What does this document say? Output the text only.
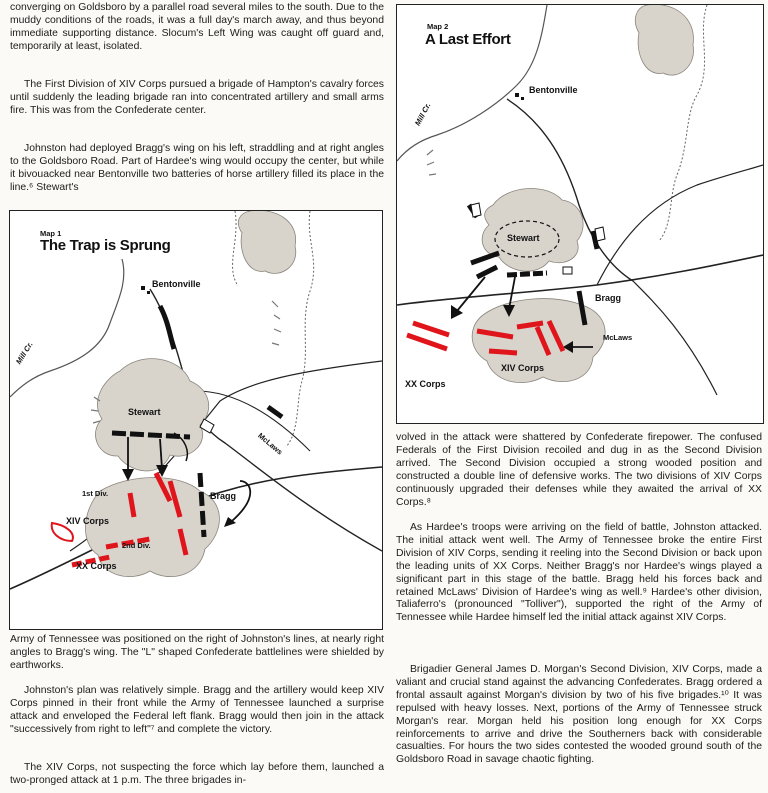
converging on Goldsboro by a parallel road several miles to the south. Due to the muddy conditions of the roads, it was a full day's march away, and thus beyond immediate supporting distance. Slocum's Left Wing was caught off guard and, temporarily at least, isolated.

The First Division of XIV Corps pursued a brigade of Hampton's cavalry forces until suddenly the leading brigade ran into concentrated artillery and small arms fire. This was from the Confederate center.

Johnston had deployed Bragg's wing on his left, straddling and at right angles to the Goldsboro Road. Part of Hardee's wing would occupy the center, but while it bivouacked near Bentonville two batteries of horse artillery filled its place in the line.⁶ Stewart's

Map 1
The Trap is Sprung
Bentonville
Mill Cr.
Stewart
McLaws
Bragg
1st Div.
2nd Div.
XIV Corps
XX Corps

Army of Tennessee was positioned on the right of Johnston's lines, at nearly right angles to Bragg's wing. The "L" shaped Confederate battlelines were shielded by earthworks.

Johnston's plan was relatively simple. Bragg and the artillery would keep XIV Corps pinned in their front while the Army of Tennessee launched a surprise attack and enveloped the Federal left flank. Bragg would then join in the attack "successively from right to left"⁷ and complete the victory.

The XIV Corps, not suspecting the force which lay before them, launched a two-pronged attack at 1 p.m. The three brigades in-

Map 2
A Last Effort
Bentonville
Mill Cr.
Stewart
Bragg
McLaws
XIV Corps
XX Corps

volved in the attack were shattered by Confederate firepower. The confused Federals of the First Division recoiled and dug in as the Second Division arrived. The Second Division occupied a strong wooded position and constructed a double line of defensive works. The two divisions of XIV Corps continuously upgraded their defenses while they awaited the arrival of XX Corps.⁸

As Hardee's troops were arriving on the field of battle, Johnston attacked. The initial attack went well. The Army of Tennessee broke the entire First Division of XIV Corps, sending it reeling into the Second Division or back upon the leading units of XX Corps. Neither Bragg's nor Hardee's wings played a significant part in this stage of the battle. Bragg held his forces back and retained McLaws' Division of Hardee's wing as well.⁹ Hardee's other division, Taliaferro's (pronounced "Tolliver"), supported the right of the Army of Tennessee while Hardee himself led the initial attack against XIV Corps.

Brigadier General James D. Morgan's Second Division, XIV Corps, made a valiant and crucial stand against the advancing Confederates. Bragg ordered a frontal assault against Morgan's division by two of his five brigades.¹⁰ It was repulsed with heavy losses. Next, portions of the Army of Tennessee struck Morgan's rear. Morgan held his position long enough for XX Corps reinforcements to arrive and drive the Southerners back with considerable casualties. For hours the two sides contested the wooded ground south of the Goldsboro Road in savage chaotic fighting.
